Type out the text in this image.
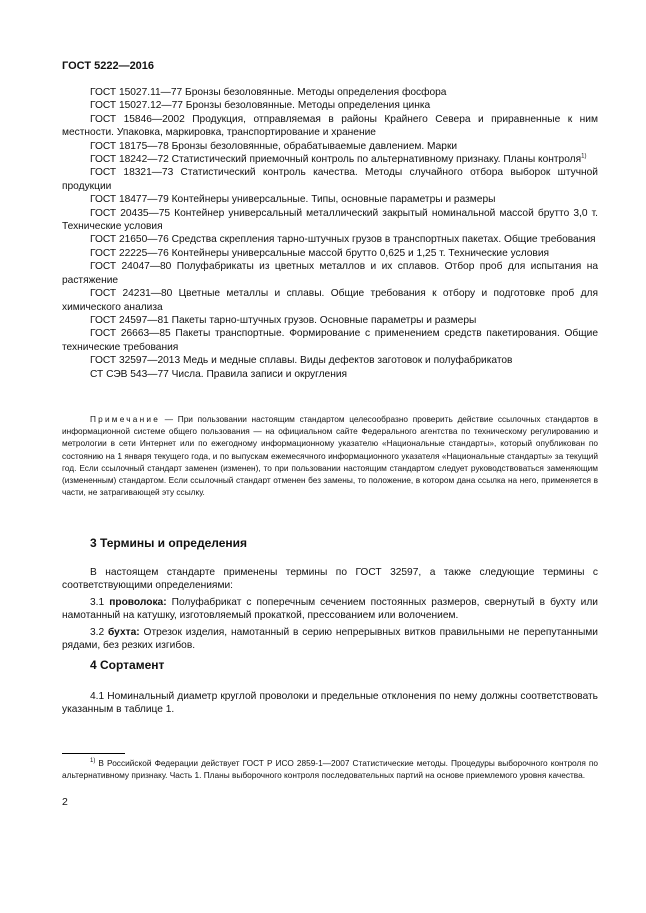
ГОСТ 5222—2016
ГОСТ 15027.11—77 Бронзы безоловянные. Методы определения фосфора
ГОСТ 15027.12—77 Бронзы безоловянные. Методы определения цинка
ГОСТ 15846—2002 Продукция, отправляемая в районы Крайнего Севера и приравненные к ним местности. Упаковка, маркировка, транспортирование и хранение
ГОСТ 18175—78 Бронзы безоловянные, обрабатываемые давлением. Марки
ГОСТ 18242—72 Статистический приемочный контроль по альтернативному признаку. Планы контроля$^{1)}$
ГОСТ 18321—73 Статистический контроль качества. Методы случайного отбора выборок штучной продукции
ГОСТ 18477—79 Контейнеры универсальные. Типы, основные параметры и размеры
ГОСТ 20435—75 Контейнер универсальный металлический закрытый номинальной массой брутто 3,0 т. Технические условия
ГОСТ 21650—76 Средства скрепления тарно-штучных грузов в транспортных пакетах. Общие требования
ГОСТ 22225—76 Контейнеры универсальные массой брутто 0,625 и 1,25 т. Технические условия
ГОСТ 24047—80 Полуфабрикаты из цветных металлов и их сплавов. Отбор проб для испытания на растяжение
ГОСТ 24231—80 Цветные металлы и сплавы. Общие требования к отбору и подготовке проб для химического анализа
ГОСТ 24597—81 Пакеты тарно-штучных грузов. Основные параметры и размеры
ГОСТ 26663—85 Пакеты транспортные. Формирование с применением средств пакетирования. Общие технические требования
ГОСТ 32597—2013 Медь и медные сплавы. Виды дефектов заготовок и полуфабрикатов
СТ СЭВ 543—77 Числа. Правила записи и округления
Примечание — При пользовании настоящим стандартом целесообразно проверить действие ссылочных стандартов в информационной системе общего пользования — на официальном сайте Федерального агентства по техническому регулированию и метрологии в сети Интернет или по ежегодному информационному указателю «Национальные стандарты», который опубликован по состоянию на 1 января текущего года, и по выпускам ежемесячного информационного указателя «Национальные стандарты» за текущий год. Если ссылочный стандарт заменен (изменен), то при пользовании настоящим стандартом следует руководствоваться заменяющим (измененным) стандартом. Если ссылочный стандарт отменен без замены, то положение, в котором дана ссылка на него, применяется в части, не затрагивающей эту ссылку.
3 Термины и определения

В настоящем стандарте применены термины по ГОСТ 32597, а также следующие термины с соответствующими определениями:

3.1 проволока: Полуфабрикат с поперечным сечением постоянных размеров, свернутый в бухту или намотанный на катушку, изготовляемый прокаткой, прессованием или волочением.

3.2 бухта: Отрезок изделия, намотанный в серию непрерывных витков правильными не перепутанными рядами, без резких изгибов.

4 Сортамент

4.1 Номинальный диаметр круглой проволоки и предельные отклонения по нему должны соответствовать указанным в таблице 1.

$^{1)}$ В Российской Федерации действует ГОСТ Р ИСО 2859-1—2007 Статистические методы. Процедуры выборочного контроля по альтернативному признаку. Часть 1. Планы выборочного контроля последовательных партий на основе приемлемого уровня качества.
2
